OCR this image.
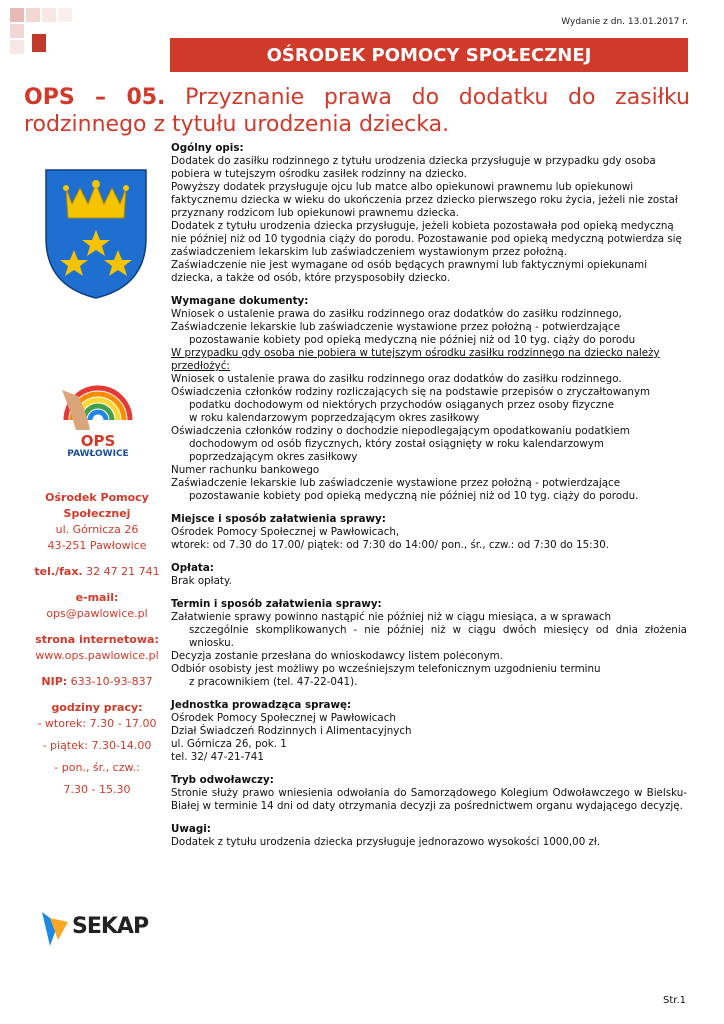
Wydanie z dn. 13.01.2017 r.
OŚRODEK POMOCY SPOŁECZNEJ
OPS – 05. Przyznanie prawa do dodatku do zasiłku rodzinnego z tytułu urodzenia dziecka.
OPS
PAWŁOWICE
Ośrodek Pomocy
Społecznej
ul. Górnicza 26
43-251 Pawłowice
tel./fax. 32 47 21 741
e-mail:
ops@pawlowice.pl
strona internetowa:
www.ops.pawlowice.pl
NIP: 633-10-93-837
godziny pracy:
- wtorek: 7.30 - 17.00
- piątek: 7.30-14.00
- pon., śr., czw.:
7.30 - 15.30
SEKAP
Ogólny opis:
Dodatek do zasiłku rodzinnego z tytułu urodzenia dziecka przysługuje w przypadku gdy osoba pobiera w tutejszym ośrodku zasiłek rodzinny na dziecko.
Powyższy dodatek przysługuje ojcu lub matce albo opiekunowi prawnemu lub opiekunowi faktycznemu dziecka w wieku do ukończenia przez dziecko pierwszego roku życia, jeżeli nie został przyznany rodzicom lub opiekunowi prawnemu dziecka.
Dodatek z tytułu urodzenia dziecka przysługuje, jeżeli kobieta pozostawała pod opieką medyczną nie później niż od 10 tygodnia ciąży do porodu. Pozostawanie pod opieką medyczną potwierdza się zaświadczeniem lekarskim lub zaświadczeniem wystawionym przez położną.
Zaświadczenie nie jest wymagane od osób będących prawnymi lub faktycznymi opiekunami dziecka, a także od osób, które przysposobiły dziecko.
Wymagane dokumenty:
Wniosek o ustalenie prawa do zasiłku rodzinnego oraz dodatków do zasiłku rodzinnego,
Zaświadczenie lekarskie lub zaświadczenie wystawione przez położną - potwierdzające
pozostawanie kobiety pod opieką medyczną nie później niż od 10 tyg. ciąży do porodu
W przypadku gdy osoba nie pobiera w tutejszym ośrodku zasiłku rodzinnego na dziecko należy przedłożyć:
Wniosek o ustalenie prawa do zasiłku rodzinnego oraz dodatków do zasiłku rodzinnego.
Oświadczenia członków rodziny rozliczających się na podstawie przepisów o zryczałtowanym
podatku dochodowym od niektórych przychodów osiąganych przez osoby fizyczne
w roku kalendarzowym poprzedzającym okres zasiłkowy
Oświadczenia członków rodziny o dochodzie niepodlegającym opodatkowaniu podatkiem
dochodowym od osób fizycznych, który został osiągnięty w roku kalendarzowym
poprzedzającym okres zasiłkowy
Numer rachunku bankowego
Zaświadczenie lekarskie lub zaświadczenie wystawione przez położną - potwierdzające
pozostawanie kobiety pod opieką medyczną nie później niż od 10 tyg. ciąży do porodu.
Miejsce i sposób załatwienia sprawy:
Ośrodek Pomocy Społecznej w Pawłowicach,
wtorek: od 7.30 do 17.00/ piątek: od 7:30 do 14:00/ pon., śr., czw.: od 7:30 do 15:30.
Opłata:
Brak opłaty.
Termin i sposób załatwienia sprawy:
Załatwienie sprawy powinno nastąpić nie później niż w ciągu miesiąca, a w sprawach
szczególnie skomplikowanych - nie później niż w ciągu dwóch miesięcy od dnia złożenia wniosku.
Decyzja zostanie przesłana do wnioskodawcy listem poleconym.
Odbiór osobisty jest możliwy po wcześniejszym telefonicznym uzgodnieniu terminu
z pracownikiem (tel. 47-22-041).
Jednostka prowadząca sprawę:
Ośrodek Pomocy Społecznej w Pawłowicach
Dział Świadczeń Rodzinnych i Alimentacyjnych
ul. Górnicza 26, pok. 1
tel. 32/ 47-21-741
Tryb odwoławczy:
Stronie służy prawo wniesienia odwołania do Samorządowego Kolegium Odwoławczego w Bielsku-Białej w terminie 14 dni od daty otrzymania decyzji za pośrednictwem organu wydającego decyzję.
Uwagi:
Dodatek z tytułu urodzenia dziecka przysługuje jednorazowo wysokości 1000,00 zł.
Str.1
